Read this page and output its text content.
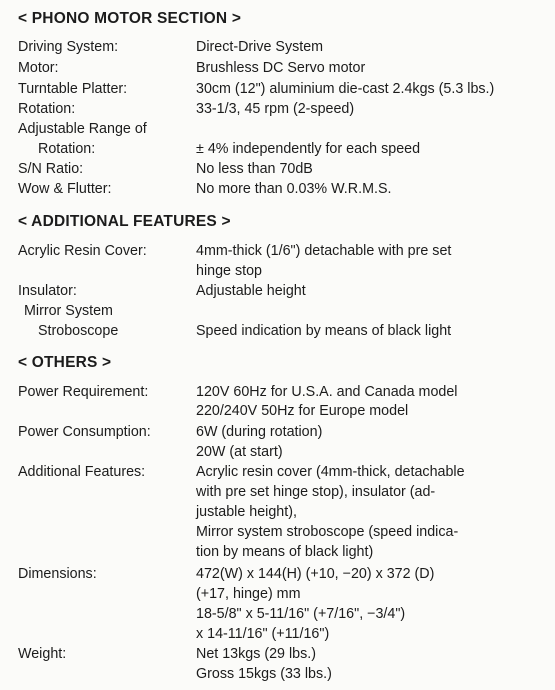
< PHONO MOTOR SECTION >
Driving System:	Direct-Drive System
Motor:	Brushless DC Servo motor
Turntable Platter:	30cm (12") aluminium die-cast 2.4kgs (5.3 lbs.)
Rotation:	33-1/3, 45 rpm (2-speed)
Adjustable Range of
Rotation:	± 4% independently for each speed
S/N Ratio:	No less than 70dB
Wow & Flutter:	No more than 0.03% W.R.M.S.
< ADDITIONAL FEATURES >
Acrylic Resin Cover:	4mm-thick (1/6") detachable with pre set
hinge stop
Insulator:	Adjustable height
Mirror System
Stroboscope	Speed indication by means of black light
< OTHERS >
Power Requirement:	120V 60Hz for U.S.A. and Canada model
220/240V 50Hz for Europe model
Power Consumption:	6W (during rotation)
20W (at start)
Additional Features:	Acrylic resin cover (4mm-thick, detachable
with pre set hinge stop), insulator (ad-
justable height),
Mirror system stroboscope (speed indica-
tion by means of black light)
Dimensions:	472(W) x 144(H) (+10, −20) x 372 (D)
(+17, hinge) mm
18-5/8" x 5-11/16" (+7/16", −3/4")
x 14-11/16" (+11/16")
Weight:	Net 13kgs (29 lbs.)
Gross 15kgs (33 lbs.)
